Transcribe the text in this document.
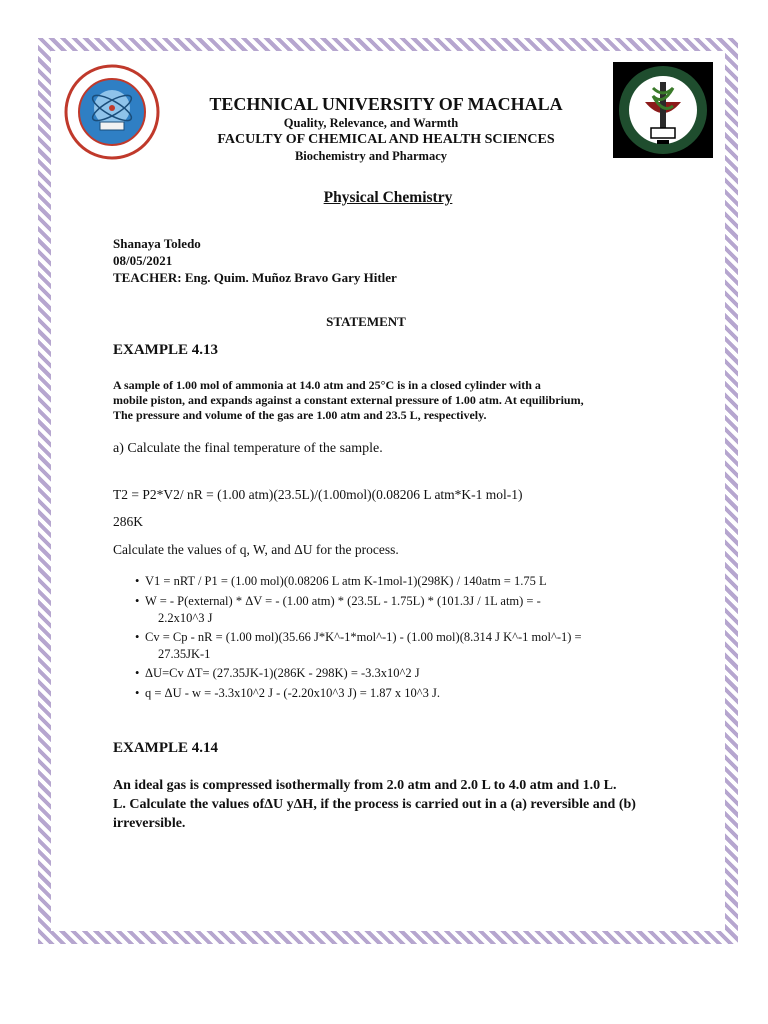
TECHNICAL UNIVERSITY OF MACHALA
Quality, Relevance, and Warmth
FACULTY OF CHEMICAL AND HEALTH SCIENCES
Biochemistry and Pharmacy
Physical Chemistry
Shanaya Toledo
08/05/2021
TEACHER: Eng. Quim. Muñoz Bravo Gary Hitler
STATEMENT
EXAMPLE 4.13
A sample of 1.00 mol of ammonia at 14.0 atm and 25°C is in a closed cylinder with a
mobile piston, and expands against a constant external pressure of 1.00 atm. At equilibrium,
The pressure and volume of the gas are 1.00 atm and 23.5 L, respectively.
a) Calculate the final temperature of the sample.
T2 = P2*V2/ nR = (1.00 atm)(23.5L)/(1.00mol)(0.08206 L atm*K-1 mol-1)
286K
Calculate the values of q, W, and ΔU for the process.
• V1 = nRT / P1 = (1.00 mol)(0.08206 L atm K-1mol-1)(298K) / 140atm = 1.75 L
• W = - P(external) * ΔV = - (1.00 atm) * (23.5L - 1.75L) * (101.3J / 1L atm) = -
2.2x10^3 J
• Cv = Cp - nR = (1.00 mol)(35.66 J*K^-1*mol^-1) - (1.00 mol)(8.314 J K^-1 mol^-1) =
27.35JK-1
• ΔU=Cv ΔT= (27.35JK-1)(286K - 298K) = -3.3x10^2 J
• q = ΔU - w = -3.3x10^2 J - (-2.20x10^3 J) = 1.87 x 10^3 J.
EXAMPLE 4.14
An ideal gas is compressed isothermally from 2.0 atm and 2.0 L to 4.0 atm and 1.0 L.
L. Calculate the values ofΔU yΔH, if the process is carried out in a (a) reversible and (b)
irreversible.
